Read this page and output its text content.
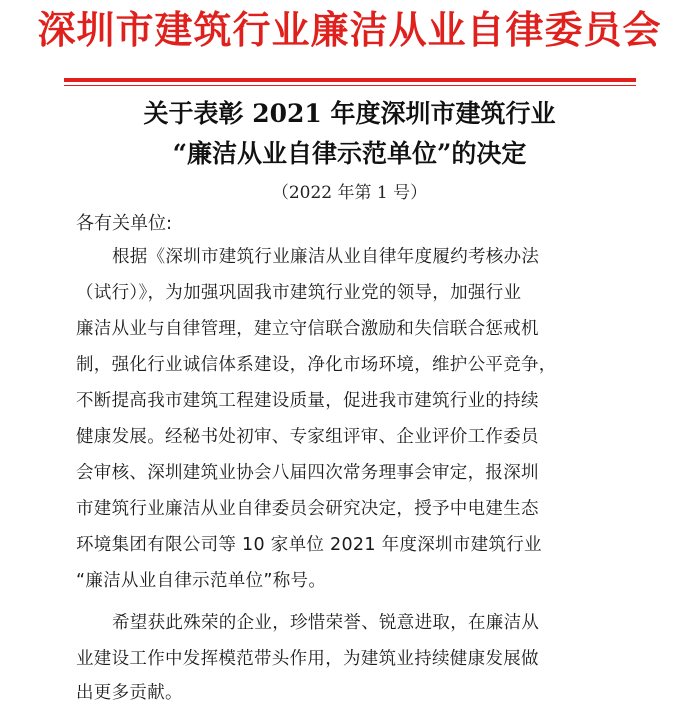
深圳市建筑行业廉洁从业自律委员会
关于表彰 2021 年度深圳市建筑行业
“廉洁从业自律示范单位”的决定
（2022 年第 1 号）
各有关单位:
根据《深圳市建筑行业廉洁从业自律年度履约考核办法
（试行）》，为加强巩固我市建筑行业党的领导，加强行业
廉洁从业与自律管理，建立守信联合激励和失信联合惩戒机
制，强化行业诚信体系建设，净化市场环境，维护公平竞争，
不断提高我市建筑工程建设质量，促进我市建筑行业的持续
健康发展。经秘书处初审、专家组评审、企业评价工作委员
会审核、深圳建筑业协会八届四次常务理事会审定，报深圳
市建筑行业廉洁从业自律委员会研究决定，授予中电建生态
环境集团有限公司等 10 家单位 2021 年度深圳市建筑行业
“廉洁从业自律示范单位”称号。
希望获此殊荣的企业，珍惜荣誉、锐意进取，在廉洁从
业建设工作中发挥模范带头作用，为建筑业持续健康发展做
出更多贡献。
